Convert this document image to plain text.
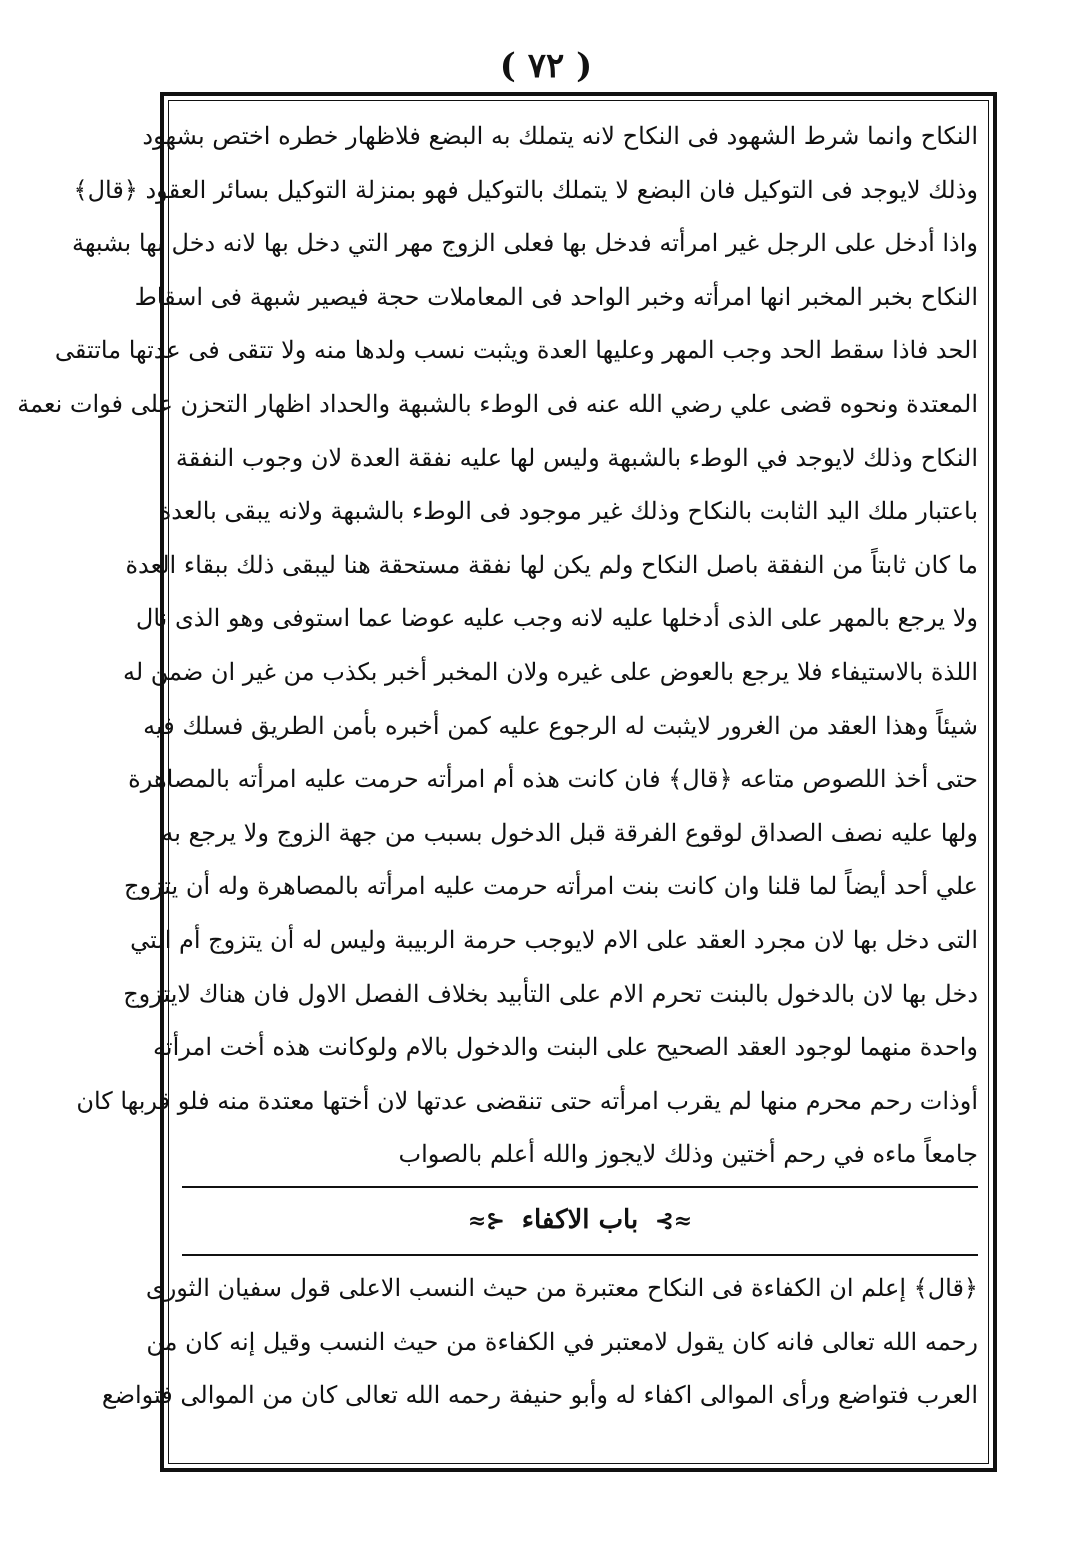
( ٧٢ )
النكاح وانما شرط الشهود فى النكاح لانه يتملك به البضع فلاظهار خطره اختص بشهود
وذلك لايوجد فى التوكيل فان البضع لا يتملك بالتوكيل فهو بمنزلة التوكيل بسائر العقود ﴿قال﴾
واذا أدخل على الرجل غير امرأته فدخل بها فعلى الزوج مهر التي دخل بها لانه دخل بها بشبهة
النكاح بخبر المخبر انها امرأته وخبر الواحد فى المعاملات حجة فيصير شبهة فى اسقاط
الحد فاذا سقط الحد وجب المهر وعليها العدة ويثبت نسب ولدها منه ولا تتقى فى عدتها ماتتقى
المعتدة ونحوه قضى علي رضي الله عنه فى الوطء بالشبهة والحداد اظهار التحزن على فوات نعمة
النكاح وذلك لايوجد في الوطء بالشبهة وليس لها عليه نفقة العدة لان وجوب النفقة
باعتبار ملك اليد الثابت بالنكاح وذلك غير موجود فى الوطء بالشبهة ولانه يبقى بالعدة
ما كان ثابتاً من النفقة باصل النكاح ولم يكن لها نفقة مستحقة هنا ليبقى ذلك ببقاء العدة
ولا يرجع بالمهر على الذى أدخلها عليه لانه وجب عليه عوضا عما استوفى وهو الذى نال
اللذة بالاستيفاء فلا يرجع بالعوض على غيره ولان المخبر أخبر بكذب من غير ان ضمن له
شيئاً وهذا العقد من الغرور لايثبت له الرجوع عليه كمن أخبره بأمن الطريق فسلك فيه
حتى أخذ اللصوص متاعه ﴿قال﴾ فان كانت هذه أم امرأته حرمت عليه امرأته بالمصاهرة
ولها عليه نصف الصداق لوقوع الفرقة قبل الدخول بسبب من جهة الزوج ولا يرجع به
علي أحد أيضاً لما قلنا وان كانت بنت امرأته حرمت عليه امرأته بالمصاهرة وله أن يتزوج
التى دخل بها لان مجرد العقد على الام لايوجب حرمة الربيبة وليس له أن يتزوج أم التي
دخل بها لان بالدخول بالبنت تحرم الام على التأبيد بخلاف الفصل الاول فان هناك لايتزوج
واحدة منهما لوجود العقد الصحيح على البنت والدخول بالام ولوكانت هذه أخت امرأته
أوذات رحم محرم منها لم يقرب امرأته حتى تنقضى عدتها لان أختها معتدة منه فلو قربها كان
جامعاً ماءه في رحم أختين وذلك لايجوز والله أعلم بالصواب
≈⊱ باب الاكفاء ⊰≈
﴿قال﴾ إعلم ان الكفاءة فى النكاح معتبرة من حيث النسب الاعلى قول سفيان الثورى
رحمه الله تعالى فانه كان يقول لامعتبر في الكفاءة من حيث النسب وقيل إنه كان من
العرب فتواضع ورأى الموالى اكفاء له وأبو حنيفة رحمه الله تعالى كان من الموالى فتواضع
